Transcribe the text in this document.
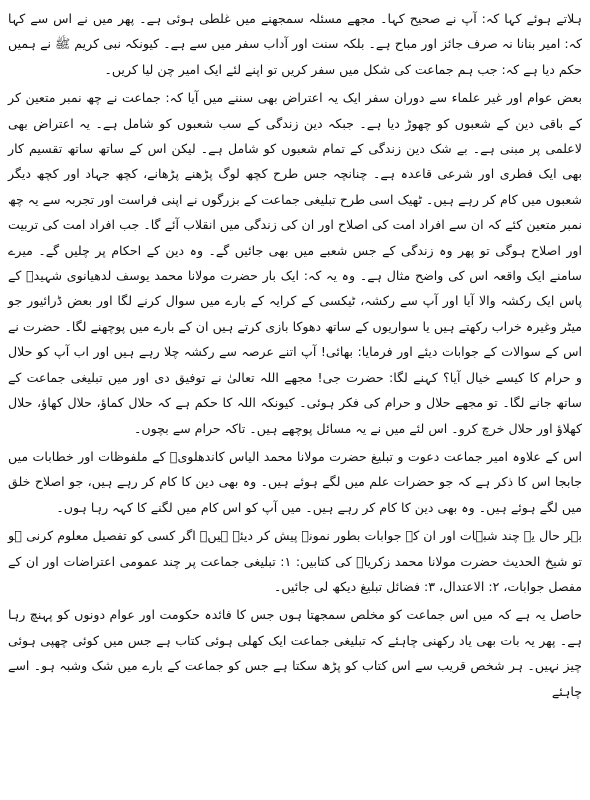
ہلاتے ہوئے کہا کہ: آپ نے صحیح کہا۔ مجھے مسئلہ سمجھنے میں غلطی ہوئی ہے۔ پھر میں نے اس سے کہا کہ: امیر بنانا نہ صرف جائز اور مباح ہے۔ بلکہ سنت اور آداب سفر میں سے ہے۔ کیونکہ نبی کریم ﷺ نے ہمیں حکم دیا ہے کہ: جب ہم جماعت کی شکل میں سفر کریں تو اپنے لئے ایک امیر چن لیا کریں۔

بعض عوام اور غیر علماء سے دوران سفر ایک یہ اعتراض بھی سننے میں آیا کہ: جماعت نے چھ نمبر متعین کر کے باقی دین کے شعبوں کو چھوڑ دیا ہے۔ جبکہ دین زندگی کے سب شعبوں کو شامل ہے۔ یہ اعتراض بھی لاعلمی پر مبنی ہے۔ بے شک دین زندگی کے تمام شعبوں کو شامل ہے۔ لیکن اس کے ساتھ ساتھ تقسیم کار بھی ایک فطری اور شرعی قاعدہ ہے۔ چنانچہ جس طرح کچھ لوگ پڑھنے پڑھانے، کچھ جہاد اور کچھ دیگر شعبوں میں کام کر رہے ہیں۔ ٹھیک اسی طرح تبلیغی جماعت کے بزرگوں نے اپنی فراست اور تجربہ سے یہ چھ نمبر متعین کئے کہ ان سے افراد امت کی اصلاح اور ان کی زندگی میں انقلاب آئے گا۔ جب افراد امت کی تربیت اور اصلاح ہوگی تو پھر وہ زندگی کے جس شعبے میں بھی جائیں گے۔ وہ دین کے احکام پر چلیں گے۔ میرے سامنے ایک واقعہ اس کی واضح مثال ہے۔ وہ یہ کہ: ایک بار حضرت مولانا محمد یوسف لدھیانوی شہیدؒ کے پاس ایک رکشہ والا آیا اور آپ سے رکشہ، ٹیکسی کے کرایہ کے بارے میں سوال کرنے لگا اور بعض ڈرائیور جو میٹر وغیرہ خراب رکھتے ہیں یا سواریوں کے ساتھ دھوکا بازی کرتے ہیں ان کے بارے میں پوچھنے لگا۔ حضرت نے اس کے سوالات کے جوابات دیئے اور فرمایا: بھائی! آپ اتنے عرصہ سے رکشہ چلا رہے ہیں اور اب آپ کو حلال و حرام کا کیسے خیال آیا؟ کہنے لگا: حضرت جی! مجھے اللہ تعالیٰ نے توفیق دی اور میں تبلیغی جماعت کے ساتھ جانے لگا۔ تو مجھے حلال و حرام کی فکر ہوئی۔ کیونکہ اللہ کا حکم ہے کہ حلال کماؤ، حلال کھاؤ، حلال کھلاؤ اور حلال خرچ کرو۔ اس لئے میں نے یہ مسائل پوچھے ہیں۔ تاکہ حرام سے بچوں۔

اس کے علاوہ امیر جماعت دعوت و تبلیغ حضرت مولانا محمد الیاس کاندھلویؒ کے ملفوظات اور خطابات میں جابجا اس کا ذکر ہے کہ جو حضرات علم میں لگے ہوئے ہیں۔ وہ بھی دین کا کام کر رہے ہیں، جو اصلاح خلق میں لگے ہوئے ہیں۔ وہ بھی دین کا کام کر رہے ہیں۔ میں آپ کو اس کام میں لگنے کا کہہ رہا ہوں۔

بہر حال یہ چند شبہات اور ان کے جوابات بطور نمونہ پیش کر دیئے ہیں۔ اگر کسی کو تفصیل معلوم کرنی ہو تو شیخ الحدیث حضرت مولانا محمد زکریاؒ کی کتابیں: ۱: تبلیغی جماعت پر چند عمومی اعتراضات اور ان کے مفصل جوابات، ۲: الاعتدال، ۳: فضائل تبلیغ دیکھ لی جائیں۔

حاصل یہ ہے کہ میں اس جماعت کو مخلص سمجھتا ہوں جس کا فائدہ حکومت اور عوام دونوں کو پہنچ رہا ہے۔ پھر یہ بات بھی یاد رکھنی چاہئے کہ تبلیغی جماعت ایک کھلی ہوئی کتاب ہے جس میں کوئی چھپی ہوئی چیز نہیں۔ ہر شخص قریب سے اس کتاب کو پڑھ سکتا ہے جس کو جماعت کے بارے میں شک وشبہ ہو۔ اسے چاہئے
